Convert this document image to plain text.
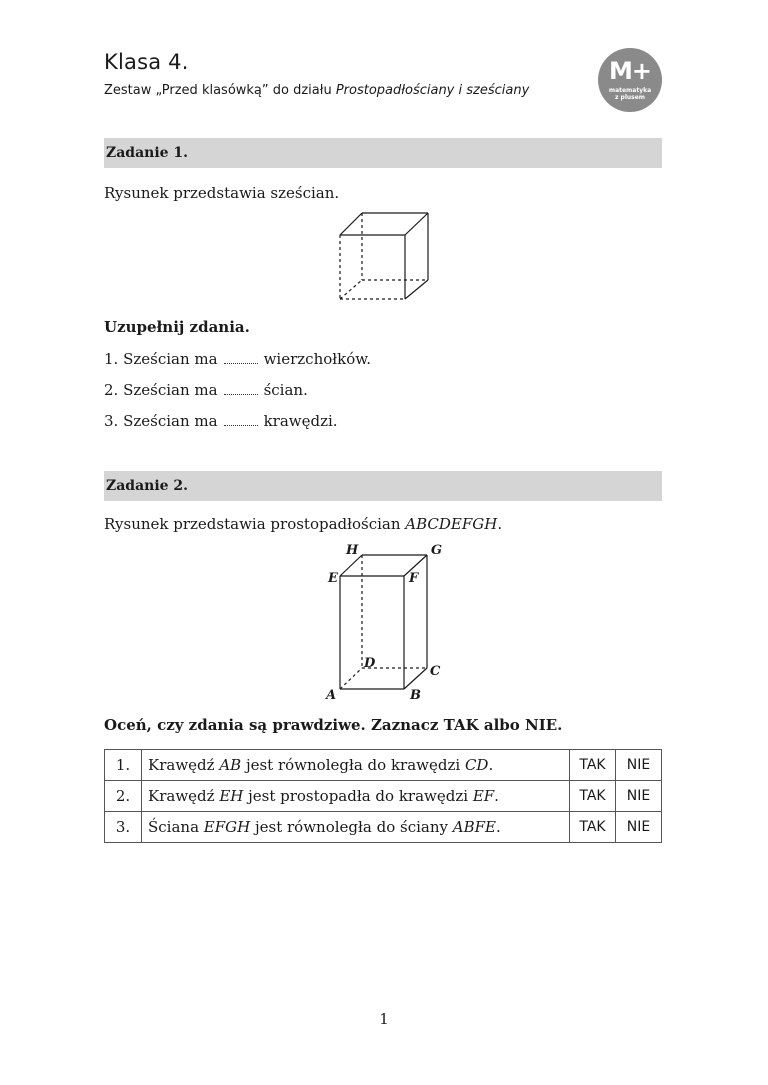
Klasa 4.
Zestaw „Przed klasówką” do działu Prostopadłościany i sześciany
M+
matematyka
z plusem
Zadanie 1.
Rysunek przedstawia sześcian.
Uzupełnij zdania.
1. Sześcian ma	wierzchołków.
2. Sześcian ma	ścian.
3. Sześcian ma	krawędzi.
Zadanie 2.
Rysunek przedstawia prostopadłościan ABCDEFGH.
H	G
E	F
D
C
A	B
Oceń, czy zdania są prawdziwe. Zaznacz TAK albo NIE.
1.	Krawędź AB jest równoległa do krawędzi CD.	TAK	NIE
2.	Krawędź EH jest prostopadła do krawędzi EF.	TAK	NIE
3.	Ściana EFGH jest równoległa do ściany ABFE.	TAK	NIE
1
